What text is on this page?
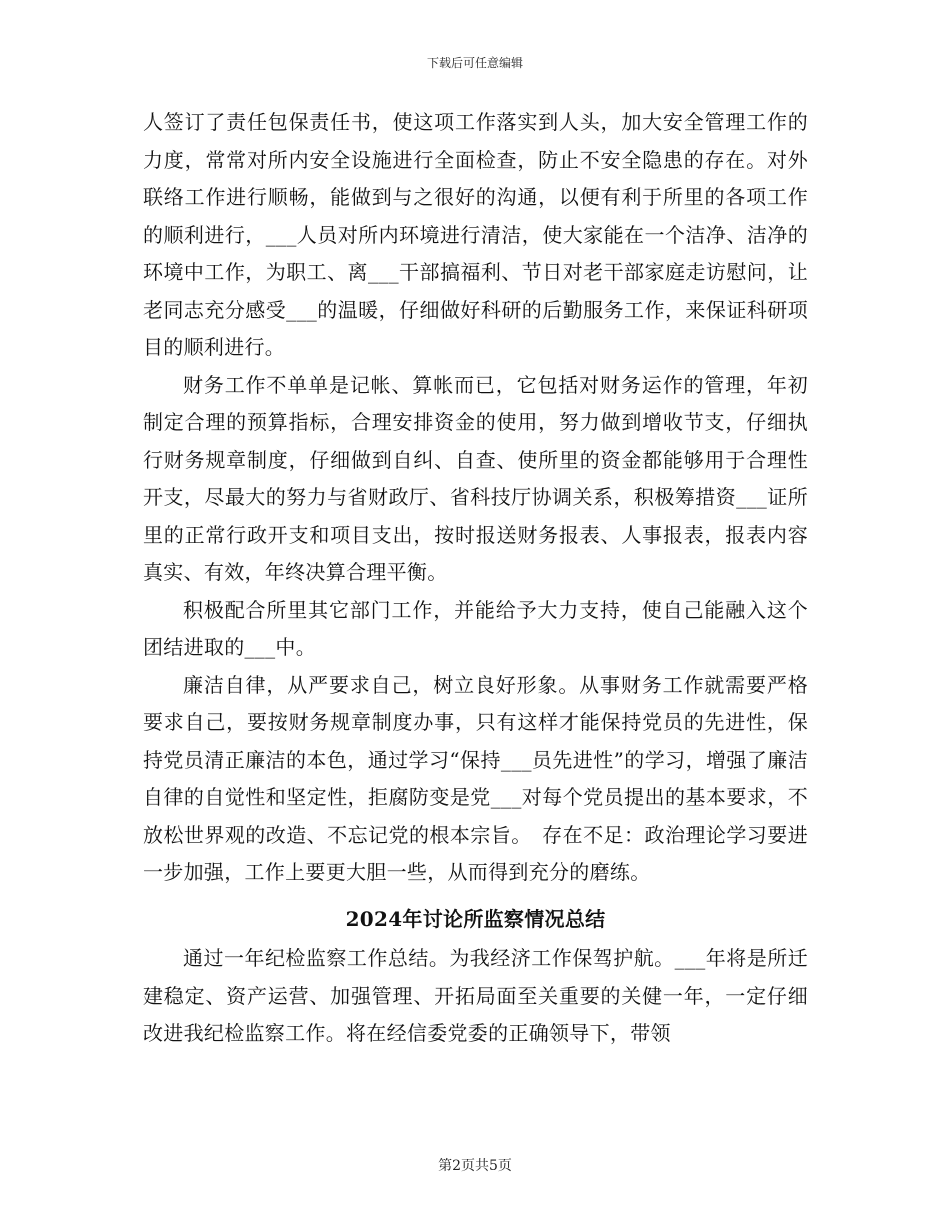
下载后可任意编辑

人签订了责任包保责任书，使这项工作落实到人头，加大安全管理工作的力度，常常对所内安全设施进行全面检查，防止不安全隐患的存在。对外联络工作进行顺畅，能做到与之很好的沟通，以便有利于所里的各项工作的顺利进行，___人员对所内环境进行清洁，使大家能在一个洁净、洁净的环境中工作，为职工、离___干部搞福利、节日对老干部家庭走访慰问，让老同志充分感受___的温暖，仔细做好科研的后勤服务工作，来保证科研项目的顺利进行。

财务工作不单单是记帐、算帐而已，它包括对财务运作的管理，年初制定合理的预算指标，合理安排资金的使用，努力做到增收节支，仔细执行财务规章制度，仔细做到自纠、自查、使所里的资金都能够用于合理性开支，尽最大的努力与省财政厅、省科技厅协调关系，积极筹措资___证所里的正常行政开支和项目支出，按时报送财务报表、人事报表，报表内容真实、有效，年终决算合理平衡。

积极配合所里其它部门工作，并能给予大力支持，使自己能融入这个团结进取的___中。

廉洁自律，从严要求自己，树立良好形象。从事财务工作就需要严格要求自己，要按财务规章制度办事，只有这样才能保持党员的先进性，保持党员清正廉洁的本色，通过学习“保持___员先进性”的学习，增强了廉洁自律的自觉性和坚定性，拒腐防变是党___对每个党员提出的基本要求，不放松世界观的改造、不忘记党的根本宗旨。　存在不足：政治理论学习要进一步加强，工作上要更大胆一些，从而得到充分的磨练。

2024年讨论所监察情况总结

通过一年纪检监察工作总结。为我经济工作保驾护航。___年将是所迁建稳定、资产运营、加强管理、开拓局面至关重要的关健一年，一定仔细改进我纪检监察工作。将在经信委党委的正确领导下，带领

第2页共5页
